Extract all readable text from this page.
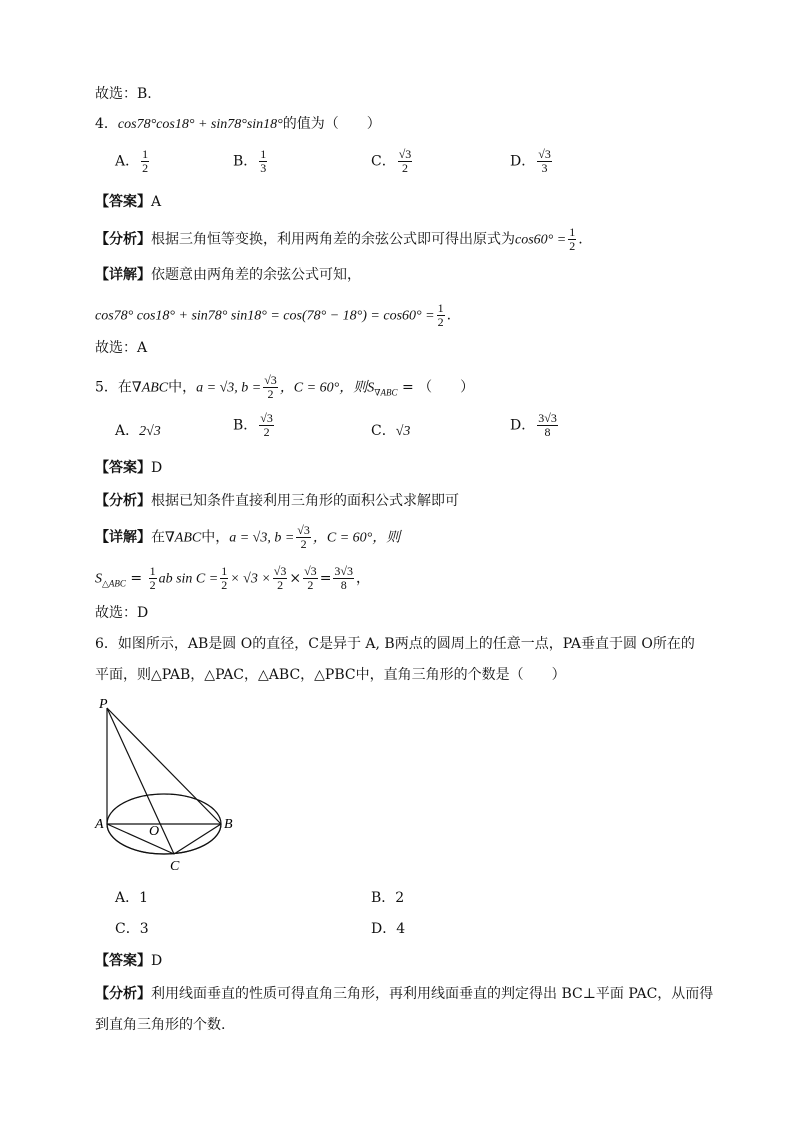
故选：B.
4．cos78°cos18° + sin78°sin18°的值为（　　）
A． $\frac{1}{2}$	B． $\frac{1}{3}$	C． $\frac{√3}{2}$	D． $\frac{√3}{3}$
【答案】A
【分析】根据三角恒等变换，利用两角差的余弦公式即可得出原式为$\cos 60^\circ = \frac{1}{2}$ .
【详解】依题意由两角差的余弦公式可知，
cos78° cos18° + sin78° $\sin 18^\circ = \cos(78^\circ - 18^\circ) = \cos 60^\circ = \frac{1}{2}$ .
故选：A
5．在∇ABC中，a = √3, $b = \frac{√3}{2}$ ，C = 60°，则$S_{\nabla ABC}$ = （　　）
A．2√3	B． $\frac{√3}{2}$	C．√3	D． $\frac{3√3}{8}$
【答案】D
【分析】根据已知条件直接利用三角形的面积公式求解即可
【详解】在∇ABC中，a = √3, $b = \frac{√3}{2}$ ，C = 60°，则
$S_{\triangle ABC} = \frac{1}{2}$ ab $\sin C = \frac{1}{2} \times √3 \times \frac{√3}{2} \times \frac{√3}{2} = \frac{3√3}{8}$ ，
故选：D
6．如图所示，AB是圆 O的直径，C是异于 A, B两点的圆周上的任意一点，PA垂直于圆 O所在的
平面，则△PAB，△PAC，△ABC，△PBC中，直角三角形的个数是（　　）
P
A	O	B
C
A．1	B．2
C．3	D．4
【答案】D
【分析】利用线面垂直的性质可得直角三角形，再利用线面垂直的判定得出 BC⊥平面 PAC，从而得
到直角三角形的个数.
